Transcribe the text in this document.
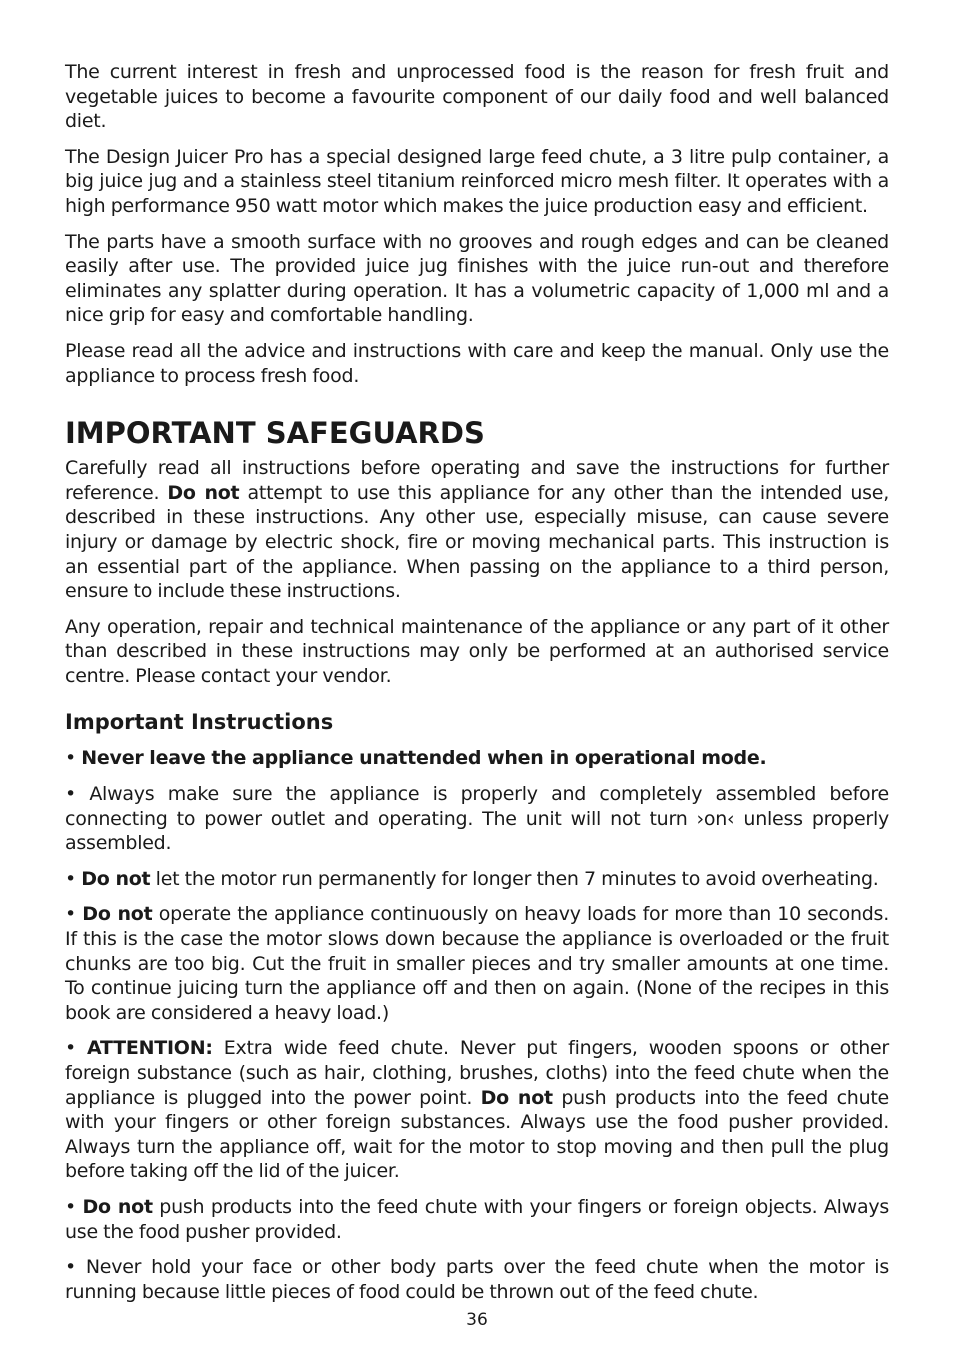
The current interest in fresh and unprocessed food is the reason for fresh fruit and vegetable juices to become a favourite component of our daily food and well balanced diet.

The Design Juicer Pro has a special designed large feed chute, a 3 litre pulp container, a big juice jug and a stainless steel titanium reinforced micro mesh filter. It operates with a high performance 950 watt motor which makes the juice production easy and efficient.

The parts have a smooth surface with no grooves and rough edges and can be cleaned easily after use. The provided juice jug finishes with the juice run-out and therefore eliminates any splatter during operation. It has a volumetric capacity of 1,000 ml and a nice grip for easy and comfortable handling.

Please read all the advice and instructions with care and keep the manual. Only use the appliance to process fresh food.

IMPORTANT SAFEGUARDS

Carefully read all instructions before operating and save the instructions for further reference. Do not attempt to use this appliance for any other than the intended use, described in these instructions. Any other use, especially misuse, can cause severe injury or damage by electric shock, fire or moving mechanical parts. This instruction is an essential part of the appliance. When passing on the appliance to a third person, ensure to include these instructions.

Any operation, repair and technical maintenance of the appliance or any part of it other than described in these instructions may only be performed at an authorised service centre. Please contact your vendor.

Important Instructions

• Never leave the appliance unattended when in operational mode.

• Always make sure the appliance is properly and completely assembled before connecting to power outlet and operating. The unit will not turn ›on‹ unless properly assembled.

• Do not let the motor run permanently for longer then 7 minutes to avoid overheating.

• Do not operate the appliance continuously on heavy loads for more than 10 seconds. If this is the case the motor slows down because the appliance is overloaded or the fruit chunks are too big. Cut the fruit in smaller pieces and try smaller amounts at one time. To continue juicing turn the appliance off and then on again. (None of the recipes in this book are considered a heavy load.)

• ATTENTION: Extra wide feed chute. Never put fingers, wooden spoons or other foreign substance (such as hair, clothing, brushes, cloths) into the feed chute when the appliance is plugged into the power point. Do not push products into the feed chute with your fingers or other foreign substances. Always use the food pusher provided. Always turn the appliance off, wait for the motor to stop moving and then pull the plug before taking off the lid of the juicer.

• Do not push products into the feed chute with your fingers or foreign objects. Always use the food pusher provided.

• Never hold your face or other body parts over the feed chute when the motor is running because little pieces of food could be thrown out of the feed chute.

36
